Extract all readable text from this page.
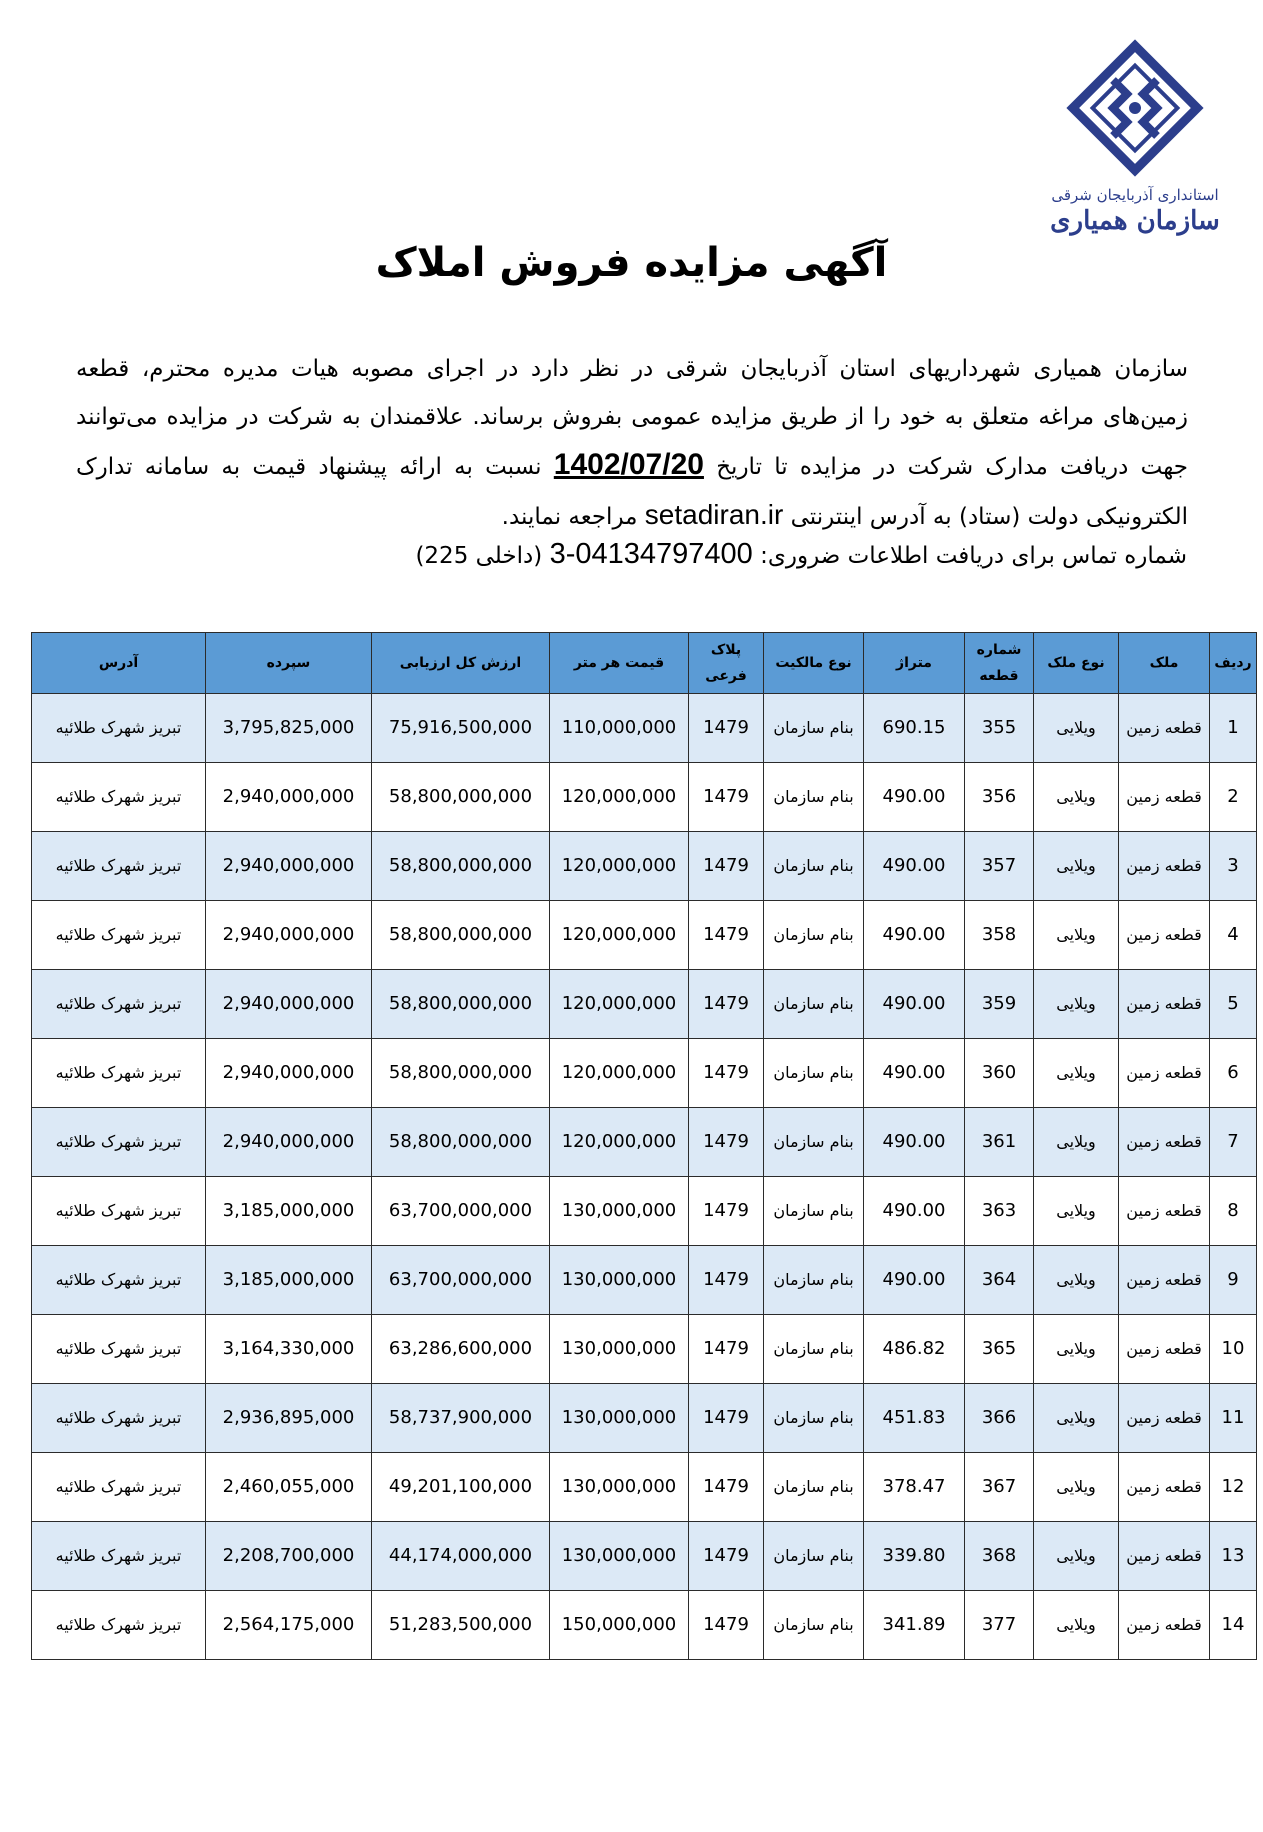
استانداری آذربایجان شرقی
سازمان همیاری
آگهی مزایده فروش املاک
سازمان همیاری شهرداریهای استان آذربایجان شرقی در نظر دارد در اجرای مصوبه هیات مدیره محترم، قطعه زمین‌های مراغه متعلق به خود را از طریق مزایده عمومی بفروش برساند. علاقمندان به شرکت در مزایده می‌توانند جهت دریافت مدارک شرکت در مزایده تا تاریخ 1402/07/20 نسبت به ارائه پیشنهاد قیمت به سامانه تدارک الکترونیکی دولت (ستاد) به آدرس اینترنتی setadiran.ir مراجعه نمایند.
شماره تماس برای دریافت اطلاعات ضروری: 04134797400-3 (داخلی 225)
ردیف	ملک	نوع ملک	شماره قطعه	متراژ	نوع مالکیت	پلاک فرعی	قیمت هر متر	ارزش کل ارزیابی	سپرده	آدرس
1	قطعه زمین	ویلایی	355	690.15	بنام سازمان	1479	110,000,000	75,916,500,000	3,795,825,000	تبریز شهرک طلائیه
2	قطعه زمین	ویلایی	356	490.00	بنام سازمان	1479	120,000,000	58,800,000,000	2,940,000,000	تبریز شهرک طلائیه
3	قطعه زمین	ویلایی	357	490.00	بنام سازمان	1479	120,000,000	58,800,000,000	2,940,000,000	تبریز شهرک طلائیه
4	قطعه زمین	ویلایی	358	490.00	بنام سازمان	1479	120,000,000	58,800,000,000	2,940,000,000	تبریز شهرک طلائیه
5	قطعه زمین	ویلایی	359	490.00	بنام سازمان	1479	120,000,000	58,800,000,000	2,940,000,000	تبریز شهرک طلائیه
6	قطعه زمین	ویلایی	360	490.00	بنام سازمان	1479	120,000,000	58,800,000,000	2,940,000,000	تبریز شهرک طلائیه
7	قطعه زمین	ویلایی	361	490.00	بنام سازمان	1479	120,000,000	58,800,000,000	2,940,000,000	تبریز شهرک طلائیه
8	قطعه زمین	ویلایی	363	490.00	بنام سازمان	1479	130,000,000	63,700,000,000	3,185,000,000	تبریز شهرک طلائیه
9	قطعه زمین	ویلایی	364	490.00	بنام سازمان	1479	130,000,000	63,700,000,000	3,185,000,000	تبریز شهرک طلائیه
10	قطعه زمین	ویلایی	365	486.82	بنام سازمان	1479	130,000,000	63,286,600,000	3,164,330,000	تبریز شهرک طلائیه
11	قطعه زمین	ویلایی	366	451.83	بنام سازمان	1479	130,000,000	58,737,900,000	2,936,895,000	تبریز شهرک طلائیه
12	قطعه زمین	ویلایی	367	378.47	بنام سازمان	1479	130,000,000	49,201,100,000	2,460,055,000	تبریز شهرک طلائیه
13	قطعه زمین	ویلایی	368	339.80	بنام سازمان	1479	130,000,000	44,174,000,000	2,208,700,000	تبریز شهرک طلائیه
14	قطعه زمین	ویلایی	377	341.89	بنام سازمان	1479	150,000,000	51,283,500,000	2,564,175,000	تبریز شهرک طلائیه
